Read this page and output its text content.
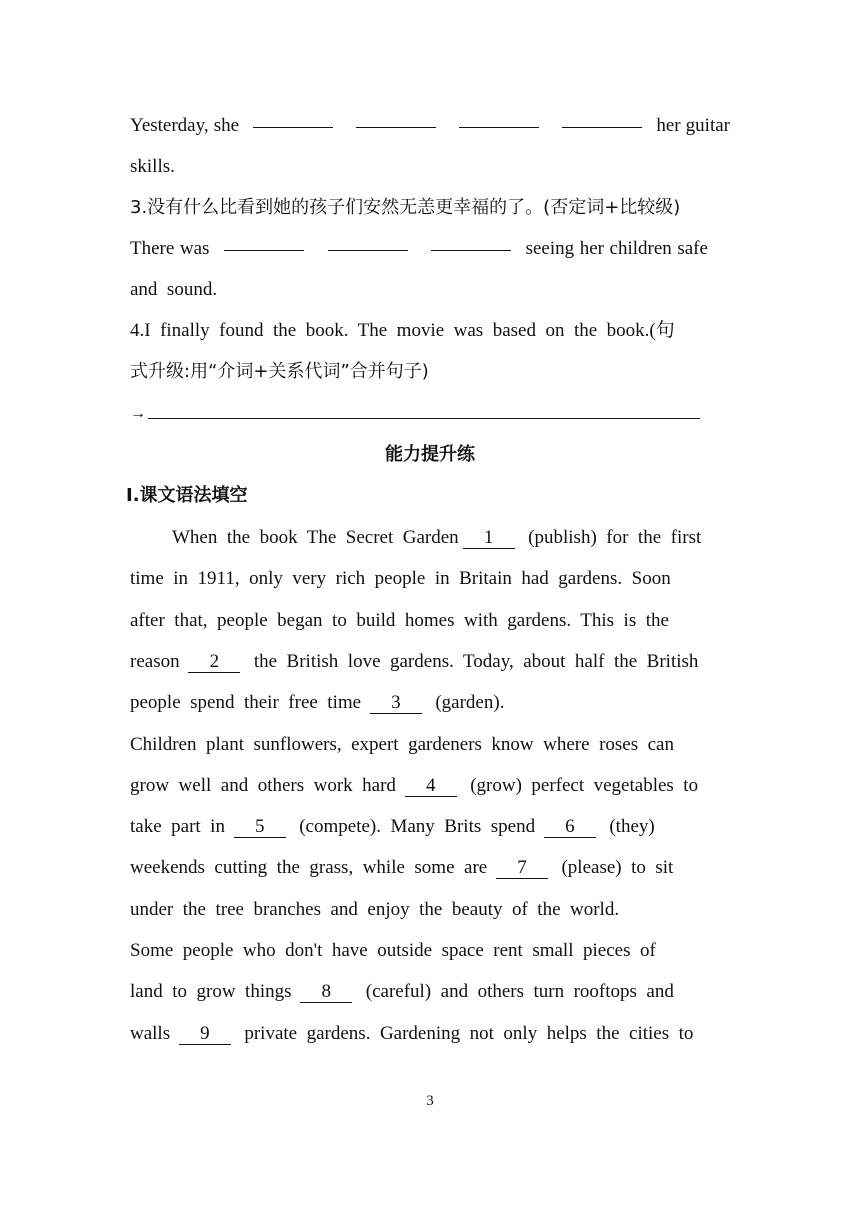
Yesterday, she	her guitar
skills.
3.没有什么比看到她的孩子们安然无恙更幸福的了。(否定词+比较级)
There was	seeing her children safe
and  sound.
4.I  finally  found  the  book.  The  movie  was  based  on  the  book.(句
式升级:用“介词+关系代词”合并句子)
→
能力提升练
Ⅰ.课文语法填空
When  the  book  The  Secret  Garden	1	(publish)  for  the  first
time  in  1911,  only  very  rich  people  in  Britain  had  gardens.  Soon
after  that,  people  began  to  build  homes  with  gardens.  This  is  the
reason	2	the  British  love  gardens.  Today,  about  half  the  British
people  spend  their  free  time	3	(garden).
Children  plant  sunflowers,  expert  gardeners  know  where  roses  can
grow  well  and  others  work  hard	4	(grow)  perfect  vegetables  to
take  part  in	5	(compete).  Many  Brits  spend	6	(they)
weekends  cutting  the  grass,  while  some  are	7	(please)  to  sit
under  the  tree  branches  and  enjoy  the  beauty  of  the  world.
Some  people  who  don't  have  outside  space  rent  small  pieces  of
land  to  grow  things	8	(careful)  and  others  turn  rooftops  and
walls	9	private  gardens.  Gardening  not  only  helps  the  cities  to
3
